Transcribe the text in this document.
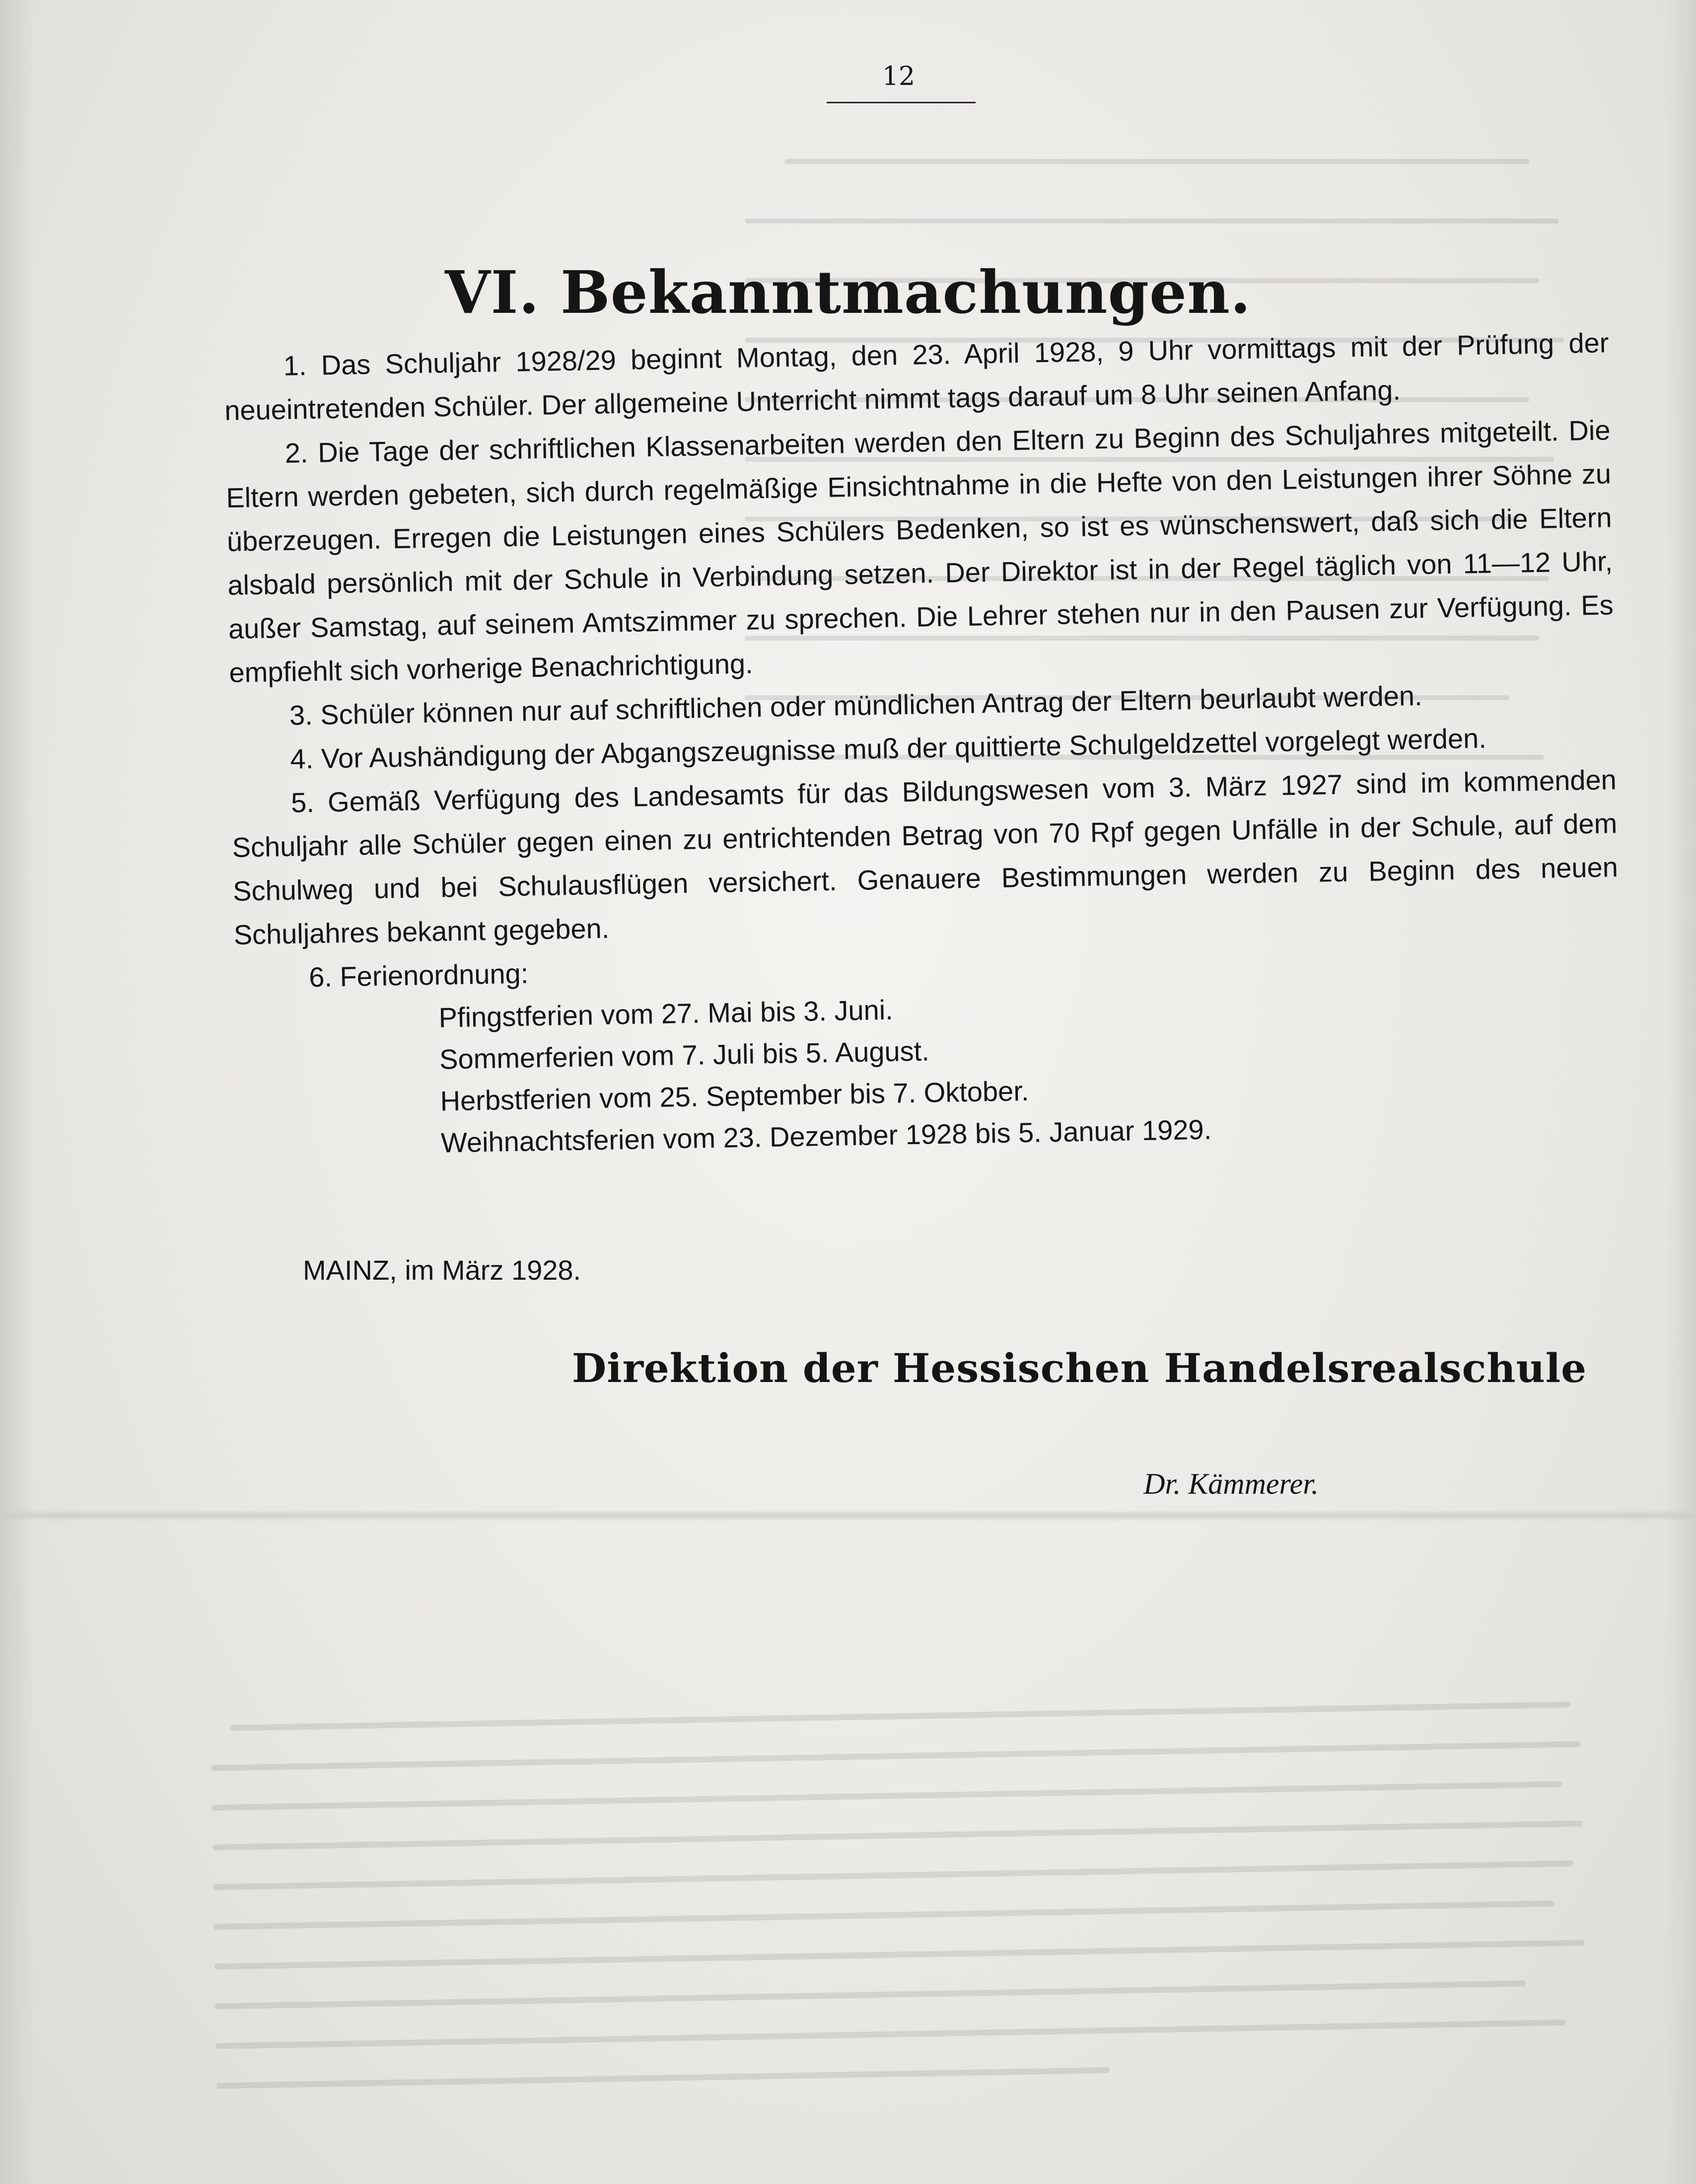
12
VI. Bekanntmachungen.

1. Das Schuljahr 1928/29 beginnt Montag, den 23. April 1928, 9 Uhr vormittags mit der Prüfung der neueintretenden Schüler. Der allgemeine Unterricht nimmt tags darauf um 8 Uhr seinen Anfang.

2. Die Tage der schriftlichen Klassenarbeiten werden den Eltern zu Beginn des Schuljahres mitgeteilt. Die Eltern werden gebeten, sich durch regelmäßige Einsichtnahme in die Hefte von den Leistungen ihrer Söhne zu überzeugen. Erregen die Leistungen eines Schülers Bedenken, so ist es wünschenswert, daß sich die Eltern alsbald persönlich mit der Schule in Verbindung setzen. Der Direktor ist in der Regel täglich von 11—12 Uhr, außer Samstag, auf seinem Amtszimmer zu sprechen. Die Lehrer stehen nur in den Pausen zur Verfügung. Es empfiehlt sich vorherige Benachrichtigung.

3. Schüler können nur auf schriftlichen oder mündlichen Antrag der Eltern beurlaubt werden.

4. Vor Aushändigung der Abgangszeugnisse muß der quittierte Schulgeldzettel vorgelegt werden.

5. Gemäß Verfügung des Landesamts für das Bildungswesen vom 3. März 1927 sind im kommenden Schuljahr alle Schüler gegen einen zu entrichtenden Betrag von 70 Rpf gegen Unfälle in der Schule, auf dem Schulweg und bei Schulausflügen versichert. Genauere Bestimmungen werden zu Beginn des neuen Schuljahres bekannt gegeben.

6. Ferienordnung:

Pfingstferien vom 27. Mai bis 3. Juni.
Sommerferien vom 7. Juli bis 5. August.
Herbstferien vom 25. September bis 7. Oktober.
Weihnachtsferien vom 23. Dezember 1928 bis 5. Januar 1929.
MAINZ, im März 1928.
Direktion der Hessischen Handelsrealschule
Dr. Kämmerer.
